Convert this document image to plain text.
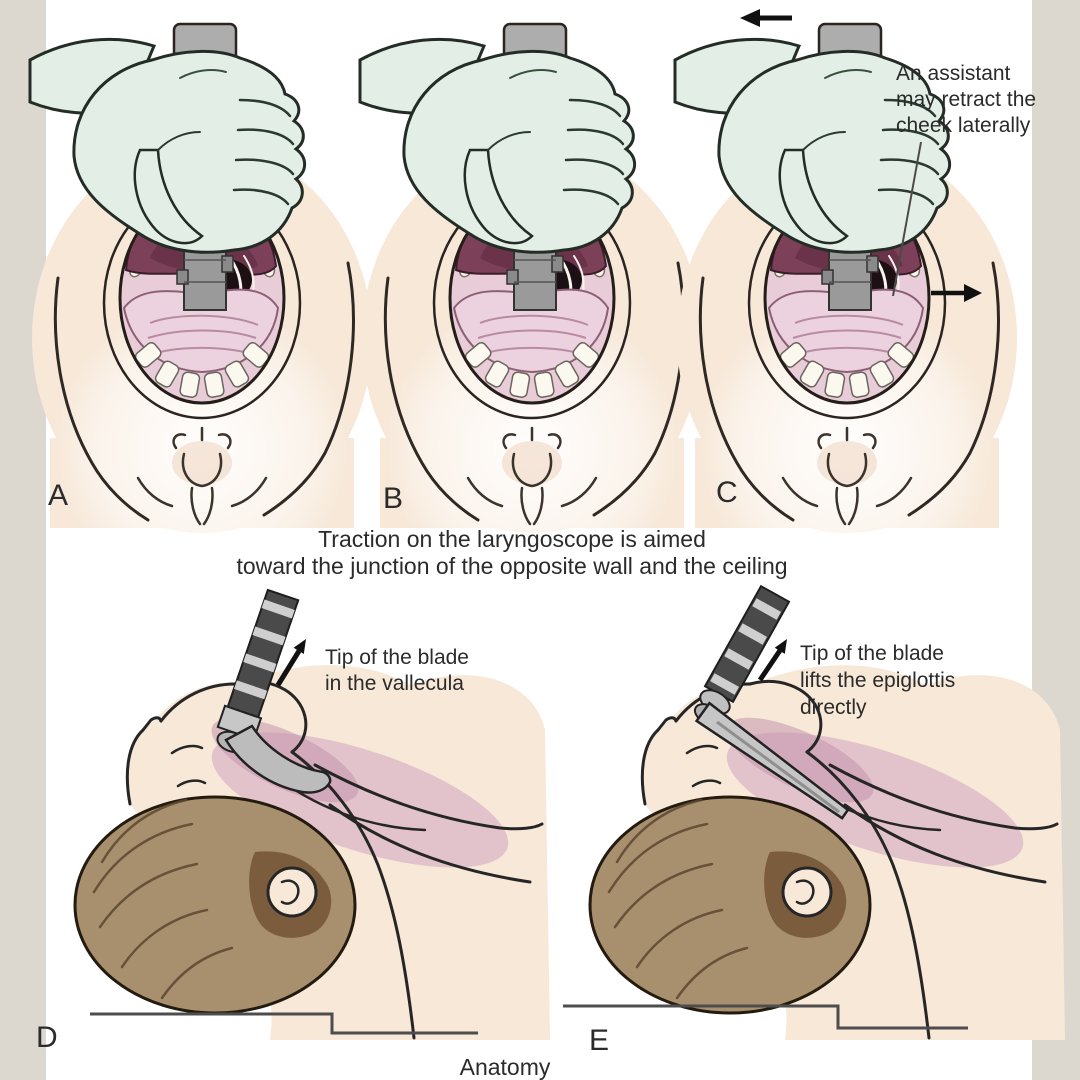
An assistant
may retract the
cheek laterally
A	B	C
Traction on the laryngoscope is aimed
toward the junction of the opposite wall and the ceiling
Tip of the blade
in the vallecula
D
Tip of the blade
lifts the epiglottis
directly
E
Anatomy
